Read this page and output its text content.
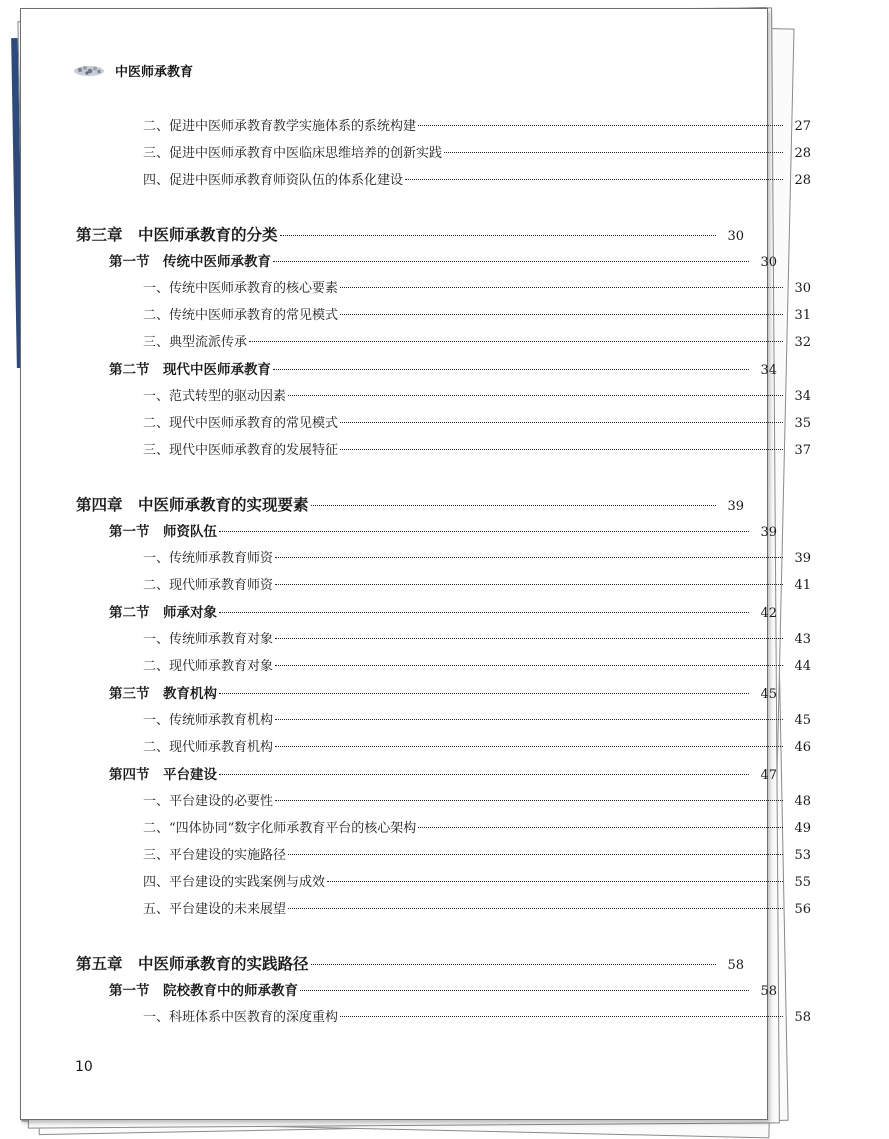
中医师承教育
二、促进中医师承教育教学实施体系的系统构建	27
三、促进中医师承教育中医临床思维培养的创新实践	28
四、促进中医师承教育师资队伍的体系化建设	28
第三章　中医师承教育的分类	30
第一节　传统中医师承教育	30
一、传统中医师承教育的核心要素	30
二、传统中医师承教育的常见模式	31
三、典型流派传承	32
第二节　现代中医师承教育	34
一、范式转型的驱动因素	34
二、现代中医师承教育的常见模式	35
三、现代中医师承教育的发展特征	37
第四章　中医师承教育的实现要素	39
第一节　师资队伍	39
一、传统师承教育师资	39
二、现代师承教育师资	41
第二节　师承对象	42
一、传统师承教育对象	43
二、现代师承教育对象	44
第三节　教育机构	45
一、传统师承教育机构	45
二、现代师承教育机构	46
第四节　平台建设	47
一、平台建设的必要性	48
二、“四体协同”数字化师承教育平台的核心架构	49
三、平台建设的实施路径	53
四、平台建设的实践案例与成效	55
五、平台建设的未来展望	56
第五章　中医师承教育的实践路径	58
第一节　院校教育中的师承教育	58
一、科班体系中医教育的深度重构	58
10
